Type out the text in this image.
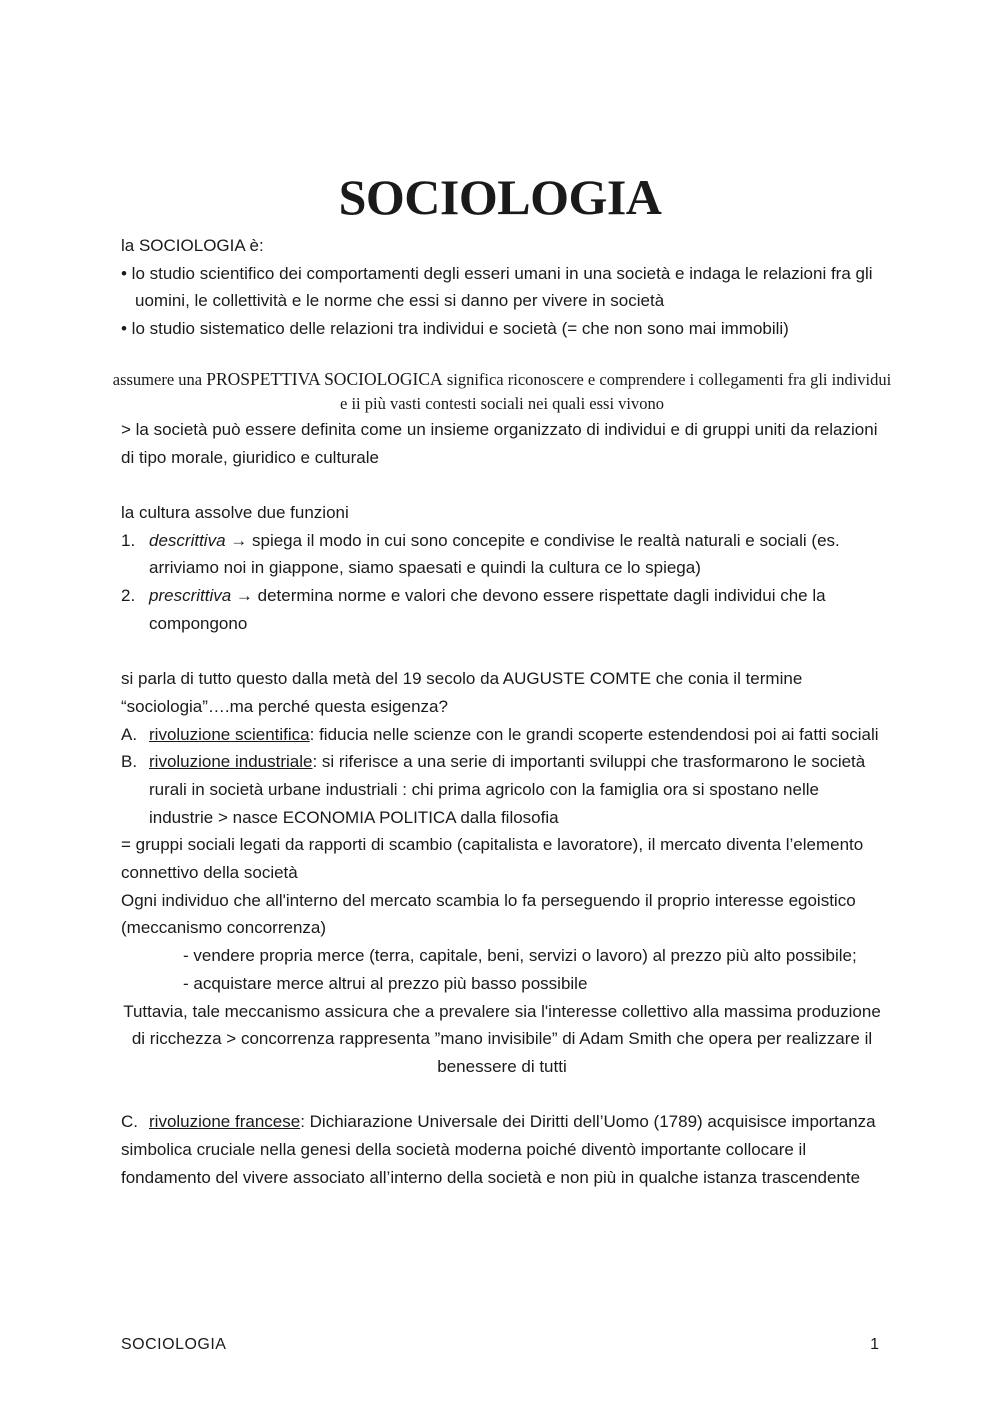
SOCIOLOGIA

la SOCIOLOGIA è:

• lo studio scientifico dei comportamenti degli esseri umani in una società e indaga le relazioni fra gli uomini, le collettività e le norme che essi si danno per vivere in società
• lo studio sistematico delle relazioni tra individui e società (= che non sono mai immobili)

assumere una PROSPETTIVA SOCIOLOGICA significa riconoscere e comprendere i collegamenti fra gli individui e ii più vasti contesti sociali nei quali essi vivono

> la società può essere definita come un insieme organizzato di individui e di gruppi uniti da relazioni di tipo morale, giuridico e culturale

la cultura assolve due funzioni

1. descrittiva → spiega il modo in cui sono concepite e condivise le realtà naturali e sociali (es. arriviamo noi in giappone, siamo spaesati e quindi la cultura ce lo spiega)
2. prescrittiva → determina norme e valori che devono essere rispettate dagli individui che la compongono

si parla di tutto questo dalla metà del 19 secolo da AUGUSTE COMTE che conia il termine “sociologia”….ma perché questa esigenza?

A. rivoluzione scientifica: fiducia nelle scienze con le grandi scoperte estendendosi poi ai fatti sociali
B. rivoluzione industriale: si riferisce a una serie di importanti sviluppi che trasformarono le società rurali in società urbane industriali : chi prima agricolo con la famiglia ora si spostano nelle industrie > nasce ECONOMIA POLITICA dalla filosofia

= gruppi sociali legati da rapporti di scambio (capitalista e lavoratore), il mercato diventa l’elemento connettivo della società

Ogni individuo che all'interno del mercato scambia lo fa perseguendo il proprio interesse egoistico (meccanismo concorrenza)

- vendere propria merce (terra, capitale, beni, servizi o lavoro) al prezzo più alto possibile;

- acquistare merce altrui al prezzo più basso possibile

Tuttavia, tale meccanismo assicura che a prevalere sia l'interesse collettivo alla massima produzione di ricchezza > concorrenza rappresenta ”mano invisibile” di Adam Smith che opera per realizzare il benessere di tutti

C. rivoluzione francese: Dichiarazione Universale dei Diritti dell’Uomo (1789) acquisisce importanza simbolica cruciale nella genesi della società moderna poiché diventò importante collocare il fondamento del vivere associato all’interno della società e non più in qualche istanza trascendente

SOCIOLOGIA	1
